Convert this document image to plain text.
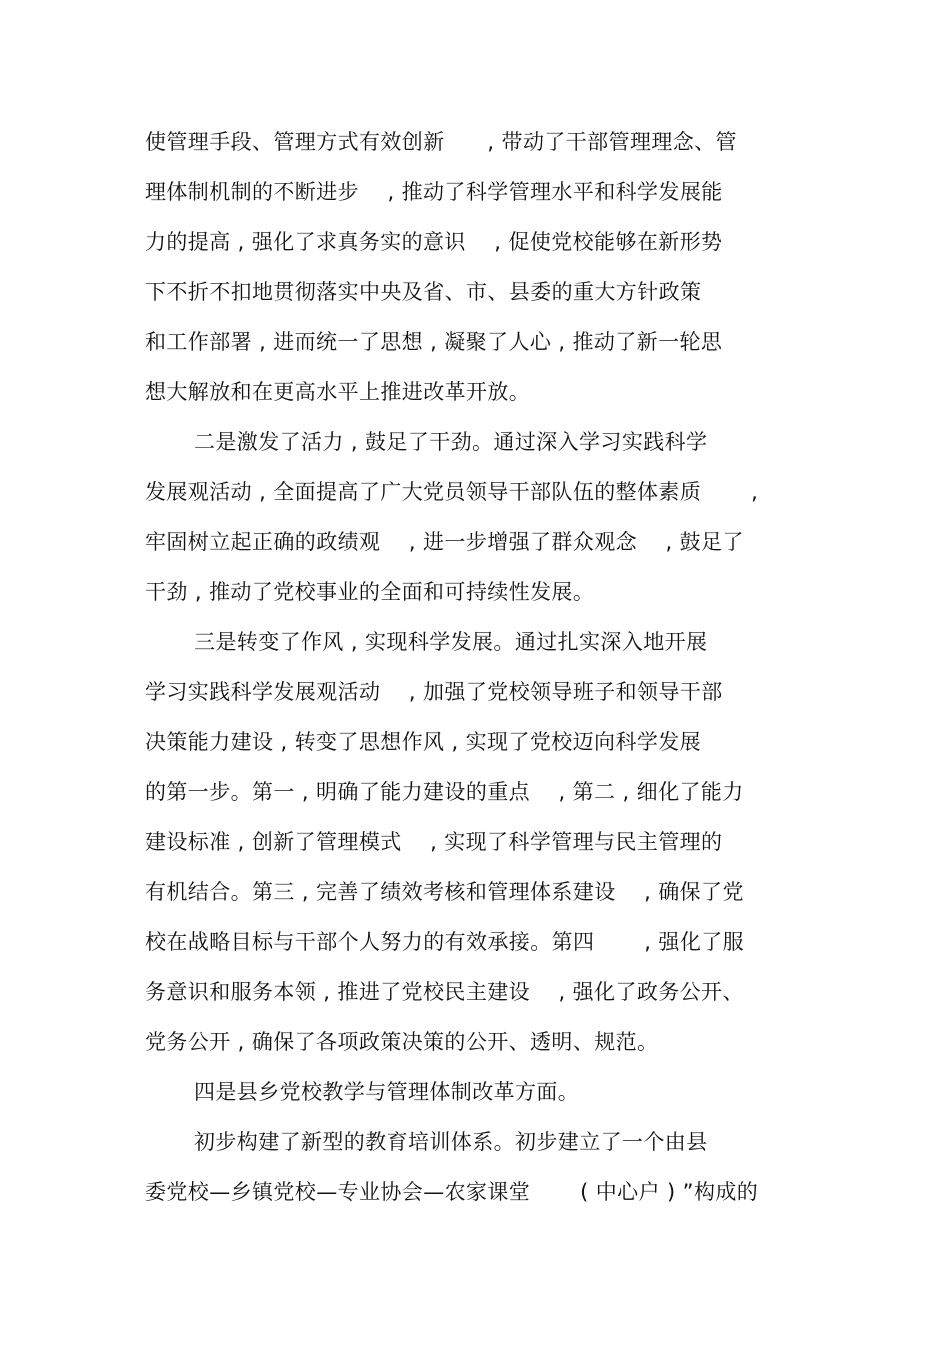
使管理手段、管理方式有效创新　　, 带动了干部管理理念、管
理体制机制的不断进步　 , 推动了科学管理水平和科学发展能
力的提高 , 强化了求真务实的意识　 , 促使党校能够在新形势
下不折不扣地贯彻落实中央及省、市、县委的重大方针政策
和工作部署 , 进而统一了思想 , 凝聚了人心 , 推动了新一轮思
想大解放和在更高水平上推进改革开放。
二是激发了活力 , 鼓足了干劲。通过深入学习实践科学
发展观活动 , 全面提高了广大党员领导干部队伍的整体素质　　 ,
牢固树立起正确的政绩观　 , 进一步增强了群众观念　 , 鼓足了
干劲 , 推动了党校事业的全面和可持续性发展。
三是转变了作风 , 实现科学发展。通过扎实深入地开展
学习实践科学发展观活动　 , 加强了党校领导班子和领导干部
决策能力建设 , 转变了思想作风 , 实现了党校迈向科学发展
的第一步。第一 , 明确了能力建设的重点　 , 第二 , 细化了能力
建设标准 , 创新了管理模式　 , 实现了科学管理与民主管理的
有机结合。第三 , 完善了绩效考核和管理体系建设　 , 确保了党
校在战略目标与干部个人努力的有效承接。第四　　 , 强化了服
务意识和服务本领 , 推进了党校民主建设　 , 强化了政务公开、
党务公开 , 确保了各项政策决策的公开、透明、规范。
四是县乡党校教学与管理体制改革方面。
初步构建了新型的教育培训体系。初步建立了一个由县
委党校—乡镇党校—专业协会—农家课堂　　 ( 中心户 ) ”构成的
